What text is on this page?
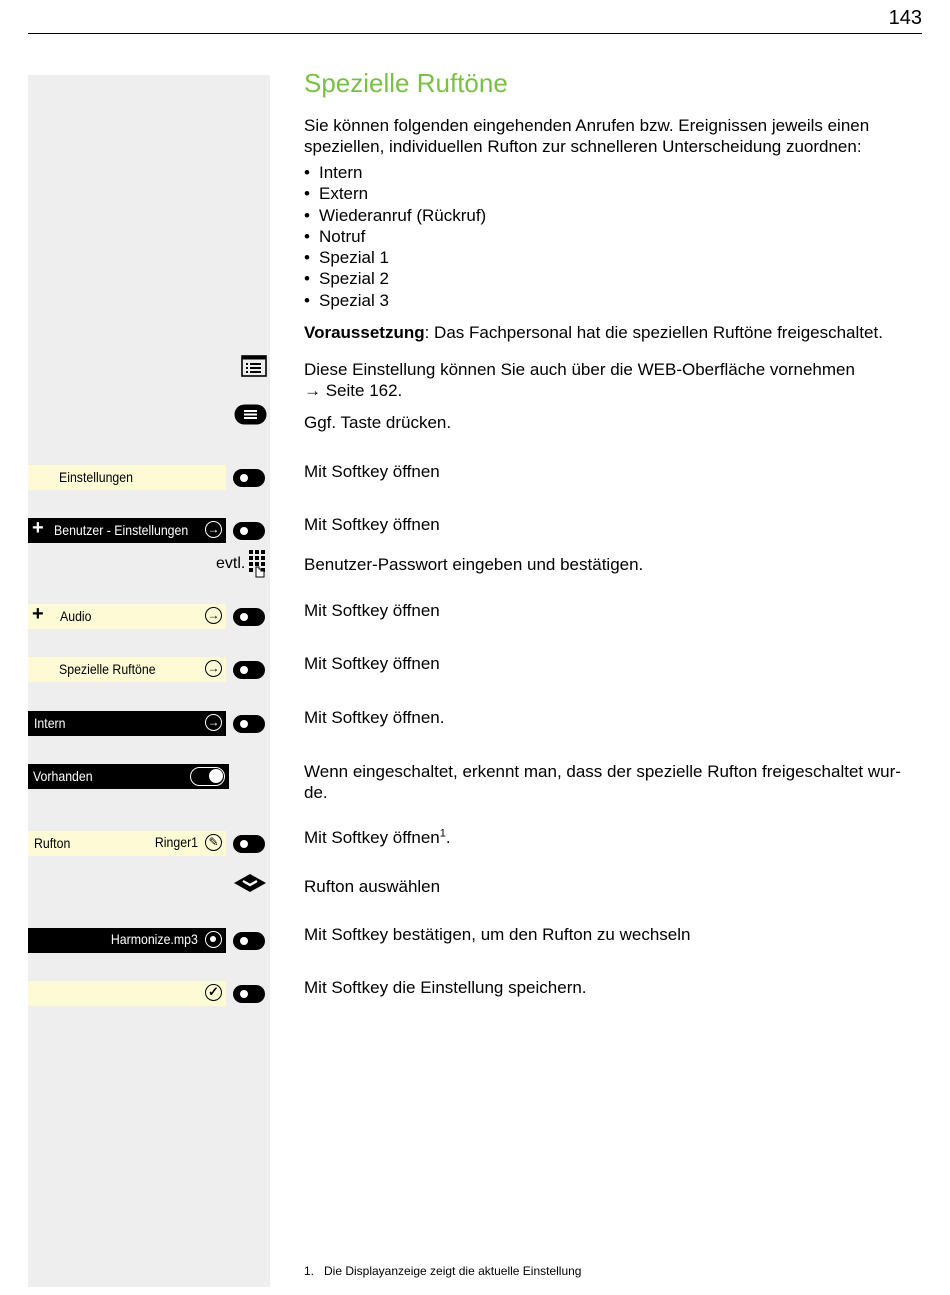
143
Spezielle Ruftöne
Sie können folgenden eingehenden Anrufen bzw. Ereignissen jeweils einen speziellen, individuellen Rufton zur schnelleren Unterscheidung zuordnen:
• Intern
• Extern
• Wiederanruf (Rückruf)
• Notruf
• Spezial 1
• Spezial 2
• Spezial 3
Voraussetzung: Das Fachpersonal hat die speziellen Ruftöne freigeschaltet.
Diese Einstellung können Sie auch über die WEB-Oberfläche vornehmen
→ Seite 162.
Ggf. Taste drücken.
Einstellungen	Mit Softkey öffnen
+ Benutzer - Einstellungen →	Mit Softkey öffnen
evtl.	Benutzer-Passwort eingeben und bestätigen.
+ Audio	→	Mit Softkey öffnen
Spezielle Ruftöne	→	Mit Softkey öffnen
Intern	→	Mit Softkey öffnen.
Vorhanden	Wenn eingeschaltet, erkennt man, dass der spezielle Rufton freigeschaltet wur-de.
Rufton	Ringer1 ✎	Mit Softkey öffnen$^1$.
Rufton auswählen
Harmonize.mp3	Mit Softkey bestätigen, um den Rufton zu wechseln
✓	Mit Softkey die Einstellung speichern.
1. Die Displayanzeige zeigt die aktuelle Einstellung
